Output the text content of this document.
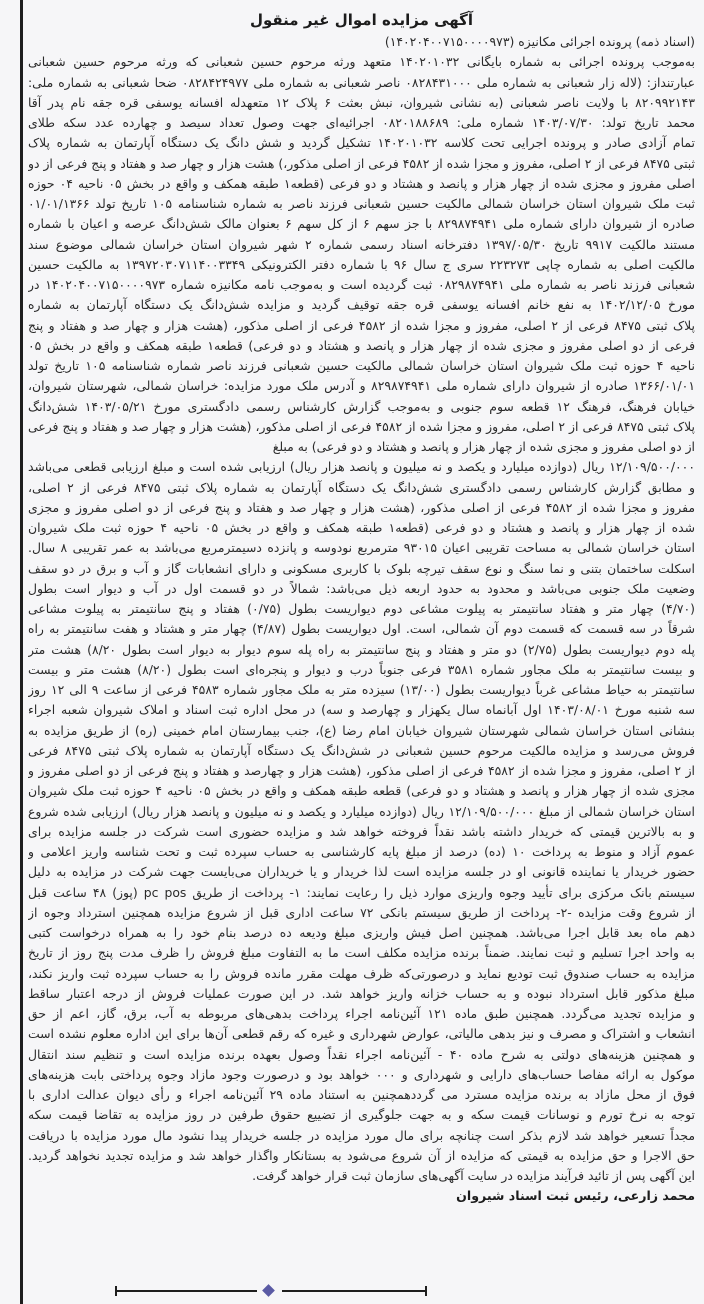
آگهی مزایده اموال غیر منقول
(اسناد ذمه) پرونده اجرائی مکانیزه (۱۴۰۲۰۴۰۰۷۱۵۰۰۰۰۹۷۳)
به‌موجب پرونده اجرائی به شماره بایگانی ۱۴۰۲۰۱۰۳۲ متعهد ورثه مرحوم حسین شعبانی که ورثه مرحوم حسین شعبانی
عبارتنداز: (لاله زار شعبانی به شماره ملی ۰۸۲۸۴۳۱۰۰۰ ناصر شعبانی به شماره ملی ۰۸۲۸۴۲۴۹۷۷ ضحا شعبانی به شماره ملی:
۸۲۰۹۹۲۱۴۳ با ولایت ناصر شعبانی (به نشانی شیروان، نبش بعثت ۶ پلاک ۱۲ متعهدله افسانه یوسفی قره جقه نام پدر آقا
محمد تاریخ تولد: ۱۴۰۳/۰۷/۳۰ شماره ملی: ۰۸۲۰۱۸۸۶۸۹ اجرائیه‌ای جهت وصول تعداد سیصد و چهارده عدد سکه طلای
تمام آزادی صادر و پرونده اجرایی تحت کلاسه ۱۴۰۲۰۱۰۳۲ تشکیل گردید و شش دانگ یک دستگاه آپارتمان به شماره پلاک
ثبتی ۸۴۷۵ فرعی از ۲ اصلی، مفروز و مجزا شده از ۴۵۸۲ فرعی از اصلی مذکور،) هشت هزار و چهار صد و هفتاد و پنج فرعی از دو
اصلی مفروز و مجزی شده از چهار هزار و پانصد و هشتاد و دو فرعی (قطعه۱ طبقه همکف و واقع در بخش ۰۵ ناحیه ۰۴ حوزه
ثبت ملک شیروان استان خراسان شمالی مالکیت حسین شعبانی فرزند ناصر به شماره شناسنامه ۱۰۵ تاریخ تولد ۰۱/۰۱/۱۳۶۶
صادره از شیروان دارای شماره ملی ۸۲۹۸۷۴۹۴۱ با جز سهم ۶ از کل سهم ۶ بعنوان مالک شش‌دانگ عرصه و اعیان با شماره
مستند مالکیت ۹۹۱۷ تاریخ ۱۳۹۷/۰۵/۳۰ دفترخانه اسناد رسمی شماره ۲ شهر شیروان استان خراسان شمالی موضوع سند
مالکیت اصلی به شماره چاپی ۲۲۳۲۷۳ سری ج سال ۹۶ با شماره دفتر الکترونیکی ۱۳۹۷۲۰۳۰۷۱۱۴۰۰۳۳۴۹ به مالکیت حسین
شعبانی فرزند ناصر به شماره ملی ۰۸۲۹۸۷۴۹۴۱ ثبت گردیده است و به‌موجب نامه مکانیزه شماره ۱۴۰۲۰۴۰۰۷۱۵۰۰۰۰۹۷۳ در
مورخ ۱۴۰۲/۱۲/۰۵ به نفع خانم افسانه یوسفی قره جقه توقیف گردید و مزایده شش‌دانگ یک دستگاه آپارتمان به شماره
پلاک ثبتی ۸۴۷۵ فرعی از ۲ اصلی، مفروز و مجزا شده از ۴۵۸۲ فرعی از اصلی مذکور، (هشت هزار و چهار صد و هفتاد و پنج
فرعی از دو اصلی مفروز و مجزی شده از چهار هزار و پانصد و هشتاد و دو فرعی) قطعه۱ طبقه همکف و واقع در بخش ۰۵
ناحیه ۴ حوزه ثبت ملک شیروان استان خراسان شمالی مالکیت حسین شعبانی فرزند ناصر شماره شناسنامه ۱۰۵ تاریخ تولد
۱۳۶۶/۰۱/۰۱ صادره از شیروان دارای شماره ملی ۸۲۹۸۷۴۹۴۱ و آدرس ملک مورد مزایده: خراسان شمالی، شهرستان شیروان،
خیابان فرهنگ، فرهنگ ۱۲ قطعه سوم جنوبی و به‌موجب گزارش کارشناس رسمی دادگستری مورخ ۱۴۰۳/۰۵/۲۱ شش‌دانگ
پلاک ثبتی ۸۴۷۵ فرعی از ۲ اصلی، مفروز و مجزا شده از ۴۵۸۲ فرعی از اصلی مذکور، (هشت هزار و چهار صد و هفتاد و پنج فرعی
از دو اصلی مفروز و مجزی شده از چهار هزار و پانصد و هشتاد و دو فرعی) به مبلغ
۱۲/۱۰۹/۵۰۰/۰۰۰ ریال (دوازده میلیارد و یکصد و نه میلیون و پانصد هزار ریال) ارزیابی شده است و مبلغ ارزیابی قطعی می‌باشد
و مطابق گزارش کارشناس رسمی دادگستری شش‌دانگ یک دستگاه آپارتمان به شماره پلاک ثبتی ۸۴۷۵ فرعی از ۲ اصلی،
مفروز و مجزا شده از ۴۵۸۲ فرعی از اصلی مذکور، (هشت هزار و چهار صد و هفتاد و پنج فرعی از دو اصلی مفروز و مجزی
شده از چهار هزار و پانصد و هشتاد و دو فرعی (قطعه۱ طبقه همکف و واقع در بخش ۰۵ ناحیه ۴ حوزه ثبت ملک شیروان
استان خراسان شمالی به مساحت تقریبی اعیان ۹۳۰۱۵ مترمربع نودوسه و پانزده دسیمترمربع می‌باشد به عمر تقریبی ۸ سال.
اسکلت ساختمان بتنی و نما سنگ و نوع سقف تیرچه بلوک با کاربری مسکونی و دارای انشعابات گاز و آب و برق در دو سقف
وضعیت ملک جنوبی می‌باشد و محدود به حدود اربعه ذیل می‌باشد: شمالاً در دو قسمت اول در آب و دیوار است بطول
(۴/۷۰) چهار متر و هفتاد سانتیمتر به پیلوت مشاعی دوم دیواریست بطول (۰/۷۵) هفتاد و پنج سانتیمتر به پیلوت مشاعی
شرقاً در سه قسمت که قسمت دوم آن شمالی، است. اول دیواریست بطول (۴/۸۷) چهار متر و هشتاد و هفت سانتیمتر به راه
پله دوم دیواریست بطول (۲/۷۵) دو متر و هفتاد و پنج سانتیمتر به راه پله سوم دیوار به دیوار است بطول ۸/۲۰) هشت متر
و بیست سانتیمتر به ملک مجاور شماره ۳۵۸۱ فرعی جنوباً درب و دیوار و پنجره‌ای است بطول (۸/۲۰) هشت متر و بیست
سانتیمتر به حیاط مشاعی غرباً دیواریست بطول (۱۳/۰۰) سیزده متر به ملک مجاور شماره ۴۵۸۳ فرعی از ساعت ۹ الی ۱۲ روز
سه شنبه مورخ ۱۴۰۳/۰۸/۰۱ اول آبانماه سال یکهزار و چهارصد و سه) در محل اداره ثبت اسناد و املاک شیروان شعبه اجراء
بنشانی استان خراسان شمالی شهرستان شیروان خیابان امام رضا (ع)، جنب بیمارستان امام خمینی (ره) از طریق مزایده به
فروش می‌رسد و مزایده مالکیت مرحوم حسین شعبانی در شش‌دانگ یک دستگاه آپارتمان به شماره پلاک ثبتی ۸۴۷۵ فرعی
از ۲ اصلی، مفروز و مجزا شده از ۴۵۸۲ فرعی از اصلی مذکور، (هشت هزار و چهارصد و هفتاد و پنج فرعی از دو اصلی مفروز و
مجزی شده از چهار هزار و پانصد و هشتاد و دو فرعی) قطعه طبقه همکف و واقع در بخش ۰۵ ناحیه ۴ حوزه ثبت ملک شیروان
استان خراسان شمالی از مبلغ ۱۲/۱۰۹/۵۰۰/۰۰۰ ریال (دوازده میلیارد و یکصد و نه میلیون و پانصد هزار ریال) ارزیابی شده شروع
و به بالاترین قیمتی که خریدار داشته باشد نقداً فروخته خواهد شد و مزایده حضوری است شرکت در جلسه مزایده برای
عموم آزاد و منوط به پرداخت ۱۰ (ده) درصد از مبلغ پایه کارشناسی به حساب سپرده ثبت و تحت شناسه واریز اعلامی و
حضور خریدار یا نماینده قانونی او در جلسه مزایده است لذا خریدار و یا خریداران می‌بایست جهت شرکت در مزایده به دلیل
سیستم بانک مرکزی برای تأیید وجوه واریزی موارد ذیل را رعایت نمایند: ۱- پرداخت از طریق pc pos (پوز) ۴۸ ساعت قبل
از شروع وقت مزایده -۲- پرداخت از طریق سیستم بانکی ۷۲ ساعت اداری قبل از شروع مزایده همچنین استرداد وجوه از
دهم ماه بعد قابل اجرا می‌باشد. همچنین اصل فیش واریزی مبلغ ودیعه ده درصد بنام خود را به همراه درخواست کتبی
به واحد اجرا تسلیم و ثبت نمایند. ضمناً برنده مزایده مکلف است ما به التفاوت مبلغ فروش را ظرف مدت پنج روز از تاریخ
مزایده به حساب صندوق ثبت تودیع نماید و درصورتی‌که ظرف مهلت مقرر مانده فروش را به حساب سپرده ثبت واریز نکند،
مبلغ مذکور قابل استرداد نبوده و به حساب خزانه واریز خواهد شد. در این صورت عملیات فروش از درجه اعتبار ساقط
و مزایده تجدید می‌گردد. همچنین طبق ماده ۱۲۱ آئین‌نامه اجراء پرداخت بدهی‌های مربوطه به آب، برق، گاز، اعم از حق
انشعاب و اشتراک و مصرف و نیز بدهی مالیاتی، عوارض شهرداری و غیره که رقم قطعی آن‌ها برای این اداره معلوم نشده است
و همچنین هزینه‌های دولتی به شرح ماده ۴۰ - آئین‌نامه اجراء نقداً وصول بعهده برنده مزایده است و تنظیم سند انتقال
موکول به ارائه مفاصا حساب‌های دارایی و شهرداری و ۰۰۰ خواهد بود و درصورت وجود مازاد وجوه پرداختی بابت هزینه‌های
فوق از محل مازاد به برنده مزایده مسترد می گرددهمچنین به استناد ماده ۲۹ آئین‌نامه اجراء و رأی دیوان عدالت اداری با
توجه به نرخ تورم و نوسانات قیمت سکه و به جهت جلوگیری از تضییع حقوق طرفین در روز مزایده به تقاضا قیمت سکه
مجداً تسعیر خواهد شد لازم بذکر است چنانچه برای مال مورد مزایده در جلسه خریدار پیدا نشود مال مورد مزایده با دریافت
حق الاجرا و حق مزایده به قیمتی که مزایده از آن شروع می‌شود به بستانکار واگذار خواهد شد و مزایده تجدید نخواهد گردید.
این آگهی پس از تائید فرآیند مزایده در سایت آگهی‌های سازمان ثبت قرار خواهد گرفت.
محمد زارعی، رئیس ثبت اسناد شیروان
